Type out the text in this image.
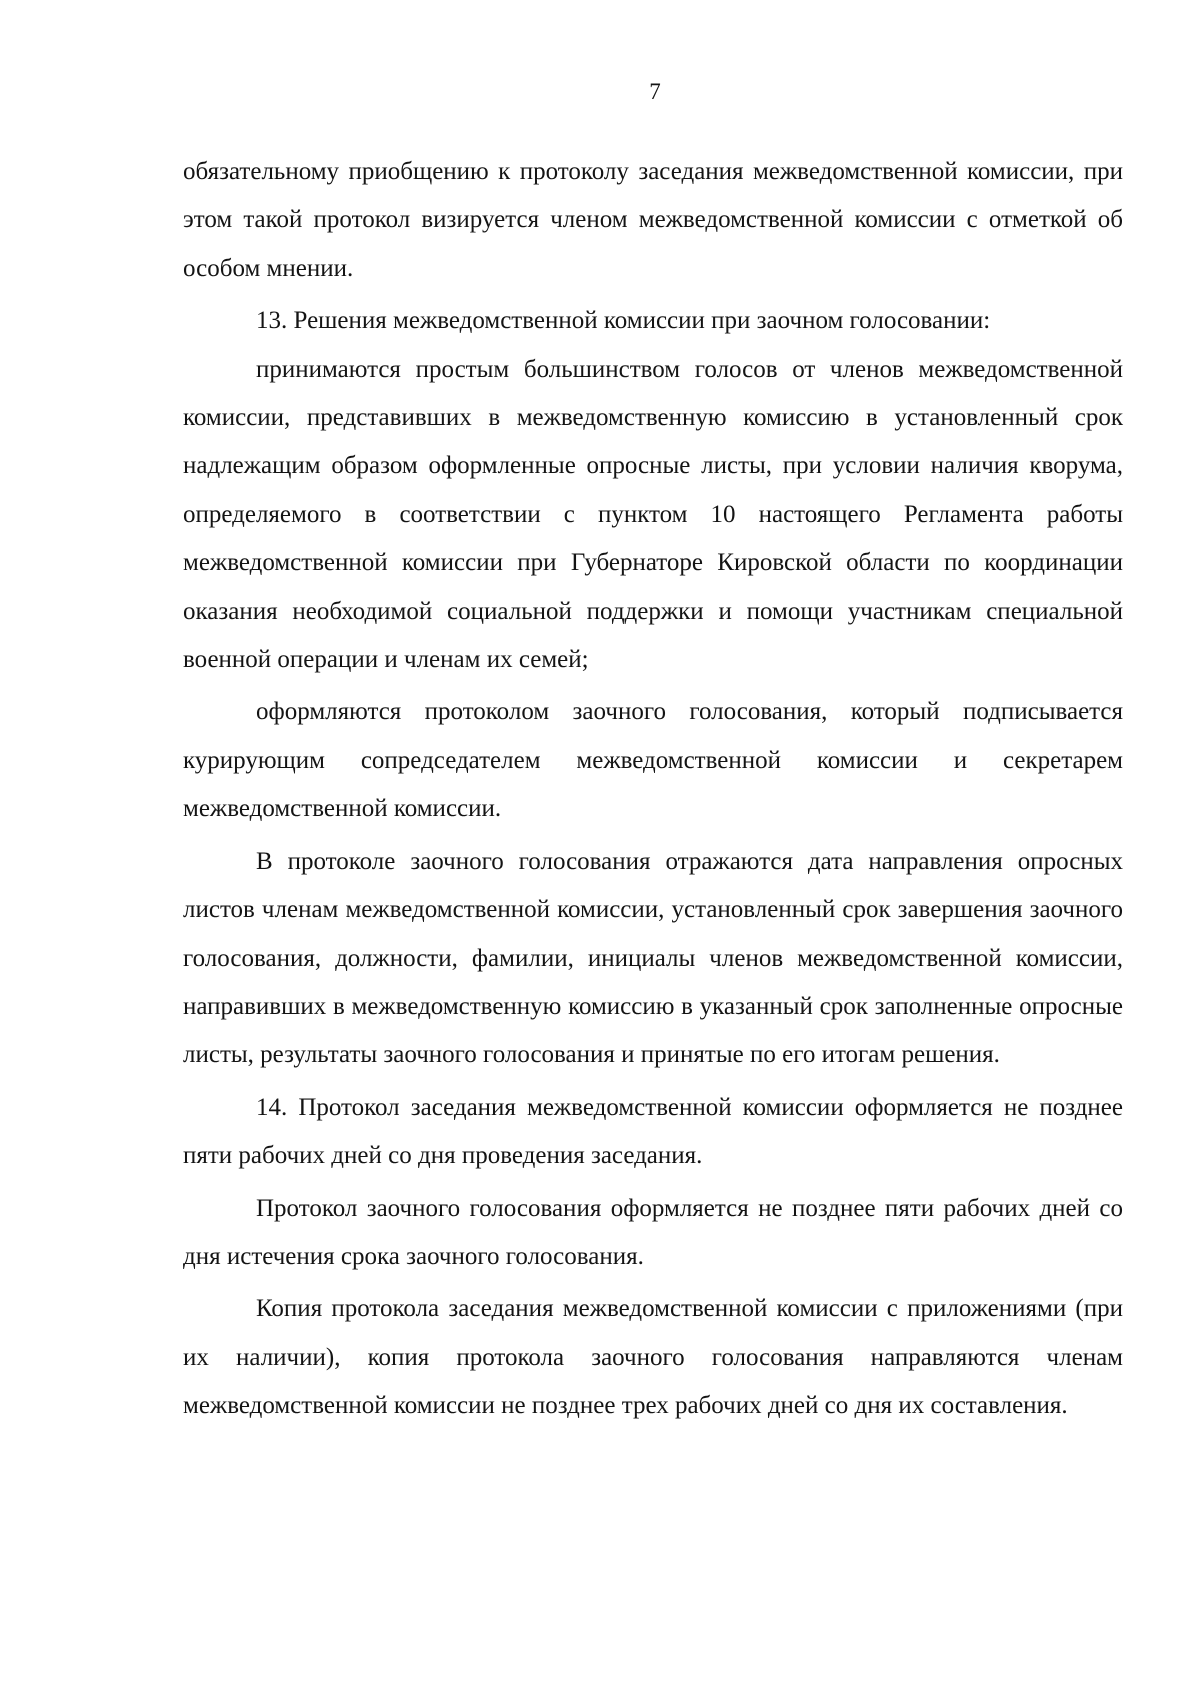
7

обязательному приобщению к протоколу заседания межведомственной комиссии, при этом такой протокол визируется членом межведомственной комиссии с отметкой об особом мнении.

13. Решения межведомственной комиссии при заочном голосовании:

принимаются простым большинством голосов от членов межведомственной комиссии, представивших в межведомственную комиссию в установленный срок надлежащим образом оформленные опросные листы, при условии наличия кворума, определяемого в соответствии с пунктом 10 настоящего Регламента работы межведомственной комиссии при Губернаторе Кировской области по координации оказания необходимой социальной поддержки и помощи участникам специальной военной операции и членам их семей;

оформляются протоколом заочного голосования, который подписывается курирующим сопредседателем межведомственной комиссии и секретарем межведомственной комиссии.

В протоколе заочного голосования отражаются дата направления опросных листов членам межведомственной комиссии, установленный срок завершения заочного голосования, должности, фамилии, инициалы членов межведомственной комиссии, направивших в межведомственную комиссию в указанный срок заполненные опросные листы, результаты заочного голосования и принятые по его итогам решения.

14. Протокол заседания межведомственной комиссии оформляется не позднее пяти рабочих дней со дня проведения заседания.

Протокол заочного голосования оформляется не позднее пяти рабочих дней со дня истечения срока заочного голосования.

Копия протокола заседания межведомственной комиссии с приложениями (при их наличии), копия протокола заочного голосования направляются членам межведомственной комиссии не позднее трех рабочих дней со дня их составления.
